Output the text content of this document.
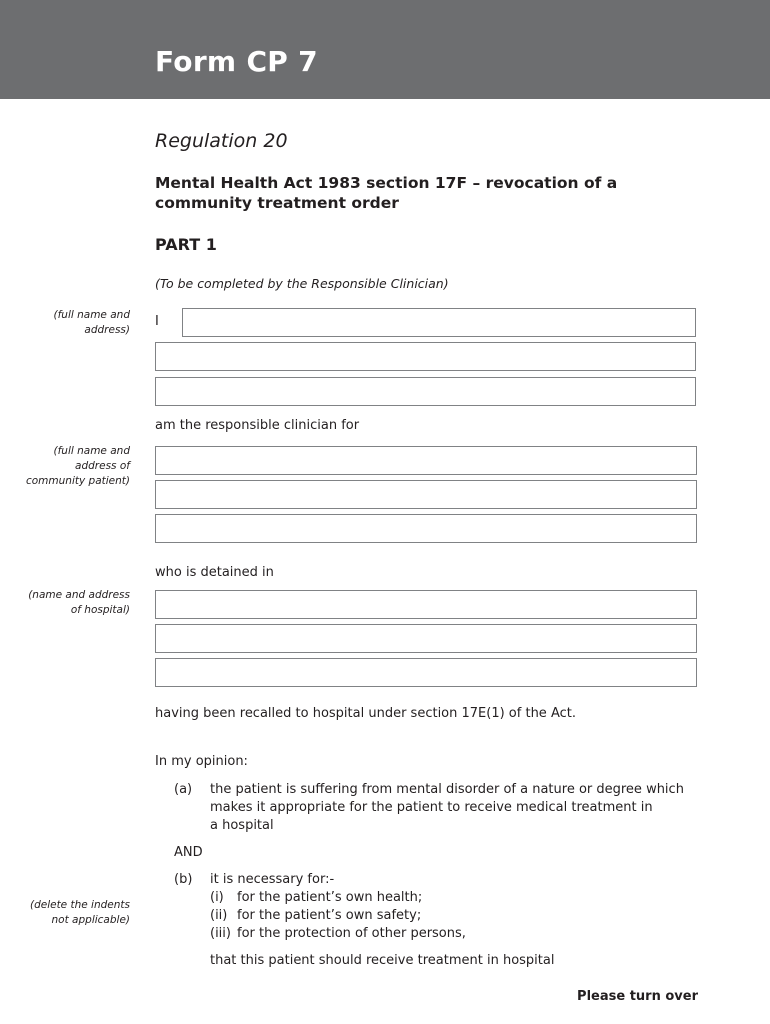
Form CP 7
Regulation 20
Mental Health Act 1983 section 17F – revocation of a community treatment order
PART 1
(To be completed by the Responsible Clinician)
(full name and
address)
I
am the responsible clinician for
(full name and
address of
community patient)
who is detained in
(name and address
of hospital)
having been recalled to hospital under section 17E(1) of the Act.
In my opinion:
(a) the patient is suffering from mental disorder of a nature or degree which
makes it appropriate for the patient to receive medical treatment in
a hospital
AND
(delete the indents
not applicable)
(b) it is necessary for:-
(i) for the patient’s own health;
(ii) for the patient’s own safety;
(iii) for the protection of other persons,
that this patient should receive treatment in hospital
Please turn over
